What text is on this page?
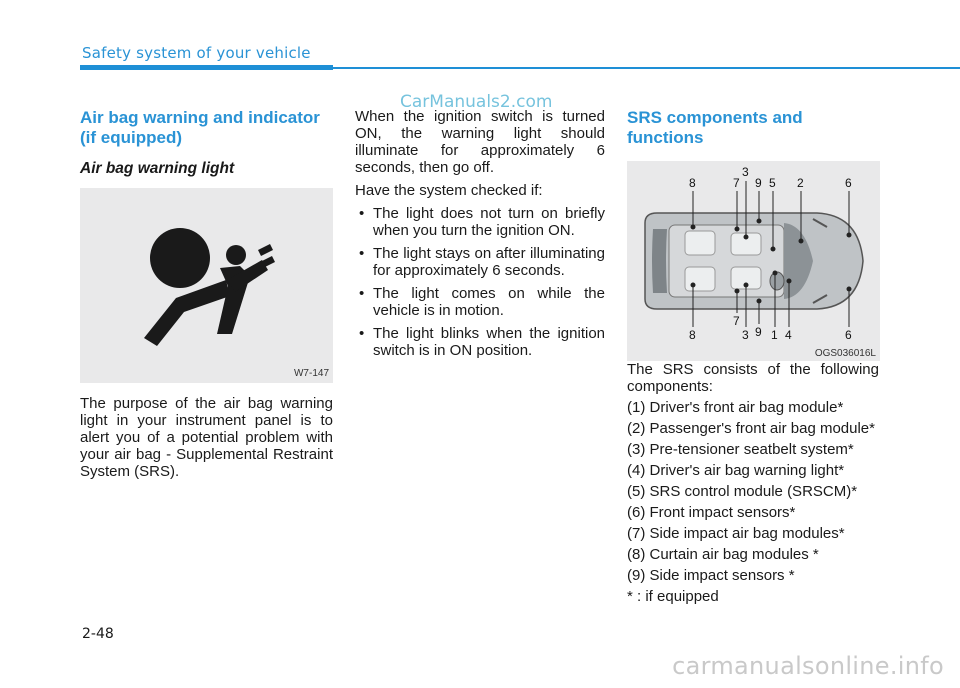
Safety system of your vehicle
CarManuals2.com
Air bag warning and indicator (if equipped)
Air bag warning light
W7-147

The purpose of the air bag warning light in your instrument panel is to alert you of a potential problem with your air bag - Supplemental Restraint System (SRS).

When the ignition switch is turned ON, the warning light should illuminate for approximately 6 seconds, then go off.

Have the system checked if:

• The light does not turn on briefly when you turn the ignition ON.
• The light stays on after illuminating for approximately 6 seconds.
• The light comes on while the vehicle is in motion.
• The light blinks when the ignition switch is in ON position.
SRS components and functions
8
3
7 9 5 2	6
7
8	3 9 1 4	6
OGS036016L

The SRS consists of the following components:

(1) Driver's front air bag module*
(2) Passenger's front air bag module*
(3) Pre-tensioner seatbelt system*
(4) Driver's air bag warning light*
(5) SRS control module (SRSCM)*
(6) Front impact sensors*
(7) Side impact air bag modules*
(8) Curtain air bag modules *
(9) Side impact sensors *
* : if equipped
2-48
carmanualsonline.info
